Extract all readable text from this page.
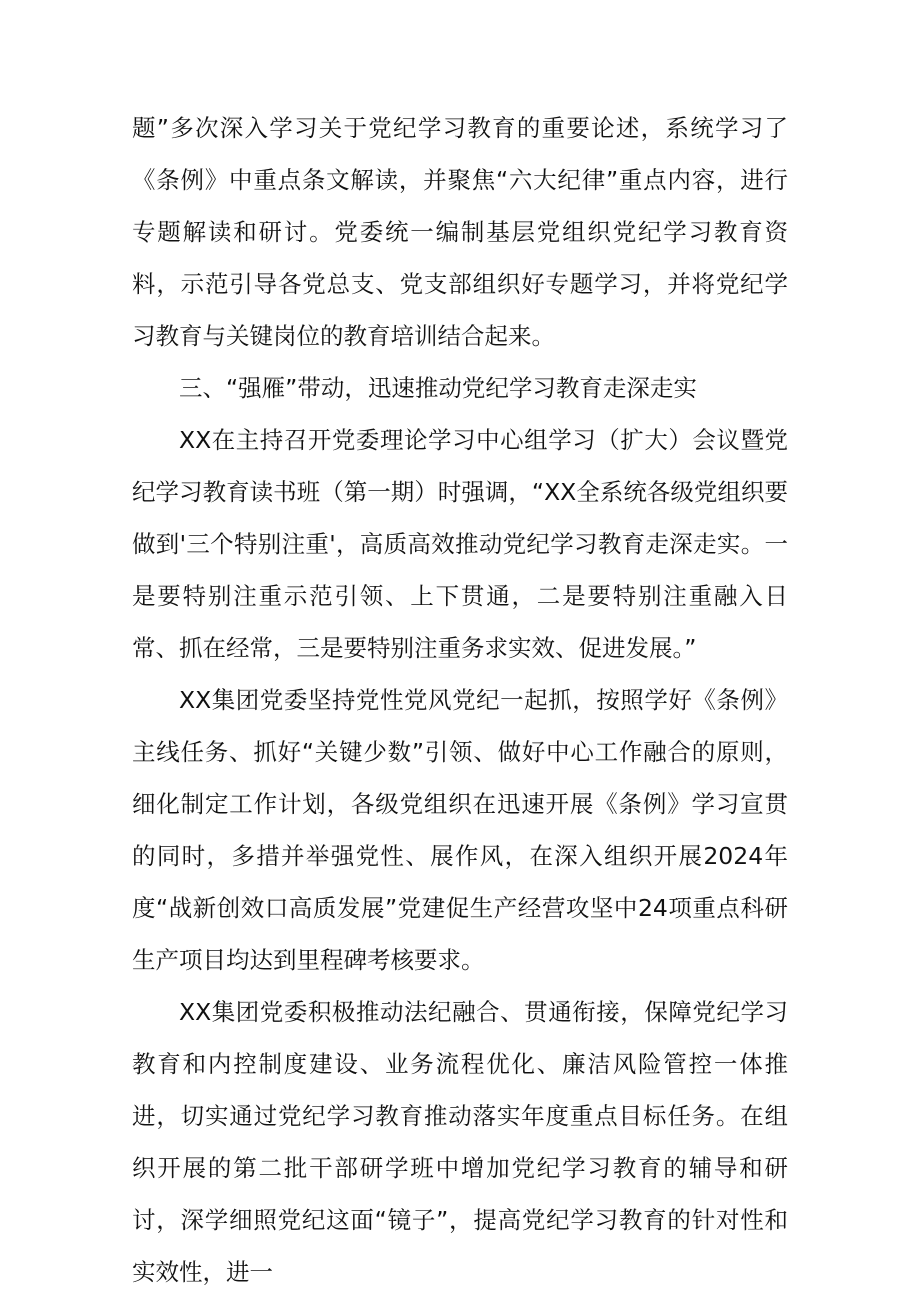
题”多次深入学习关于党纪学习教育的重要论述，系统学习了《条例》中重点条文解读，并聚焦“六大纪律”重点内容，进行专题解读和研讨。党委统一编制基层党组织党纪学习教育资料，示范引导各党总支、党支部组织好专题学习，并将党纪学习教育与关键岗位的教育培训结合起来。

三、“强雁”带动，迅速推动党纪学习教育走深走实

XX在主持召开党委理论学习中心组学习（扩大）会议暨党纪学习教育读书班（第一期）时强调，“XX全系统各级党组织要做到'三个特别注重'，高质高效推动党纪学习教育走深走实。一是要特别注重示范引领、上下贯通，二是要特别注重融入日常、抓在经常，三是要特别注重务求实效、促进发展。”

XX集团党委坚持党性党风党纪一起抓，按照学好《条例》主线任务、抓好“关键少数”引领、做好中心工作融合的原则，细化制定工作计划，各级党组织在迅速开展《条例》学习宣贯的同时，多措并举强党性、展作风，在深入组织开展2024年度“战新创效口高质发展”党建促生产经营攻坚中24项重点科研生产项目均达到里程碑考核要求。

XX集团党委积极推动法纪融合、贯通衔接，保障党纪学习教育和内控制度建设、业务流程优化、廉洁风险管控一体推进，切实通过党纪学习教育推动落实年度重点目标任务。在组织开展的第二批干部研学班中增加党纪学习教育的辅导和研讨，深学细照党纪这面“镜子”，提高党纪学习教育的针对性和实效性，进一
